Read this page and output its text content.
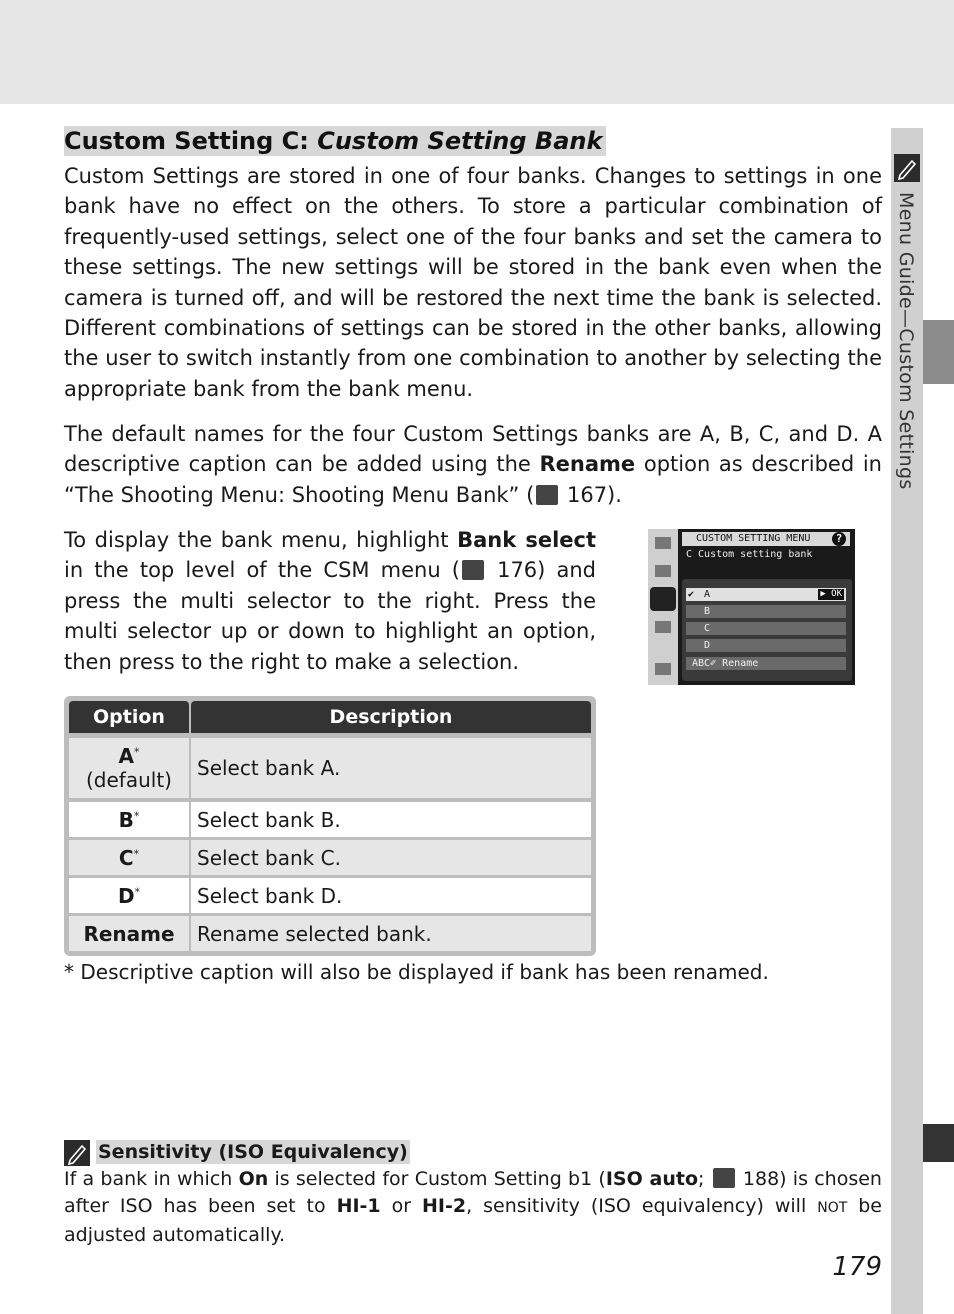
Menu Guide—Custom Settings
Custom Setting C: Custom Setting Bank

Custom Settings are stored in one of four banks. Changes to settings in one bank have no effect on the others. To store a particular combination of frequently-used settings, select one of the four banks and set the camera to these settings. The new settings will be stored in the bank even when the camera is turned off, and will be restored the next time the bank is selected. Different combinations of settings can be stored in the other banks, allowing the user to switch instantly from one combination to another by selecting the appropriate bank from the bank menu.

The default names for the four Custom Settings banks are A, B, C, and D. A descriptive caption can be added using the Rename option as described in “The Shooting Menu: Shooting Menu Bank” ( 167).

To display the bank menu, highlight Bank select in the top level of the CSM menu ( 176) and press the multi selector to the right. Press the multi selector up or down to highlight an option, then press to the right to make a selection.

CUSTOM SETTING MENU	?
C Custom setting bank
✔ A	▶ OK
B
C
D
ABC✐ Rename
Option	Description
A*
(default)	Select bank A.
B*	Select bank B.
C*	Select bank C.
D*	Select bank D.
Rename	Rename selected bank.
* Descriptive caption will also be displayed if bank has been renamed.
Sensitivity (ISO Equivalency)

If a bank in which On is selected for Custom Setting b1 (ISO auto;  188) is chosen after ISO has been set to HI-1 or HI-2, sensitivity (ISO equivalency) will NOT be adjusted automatically.

179
